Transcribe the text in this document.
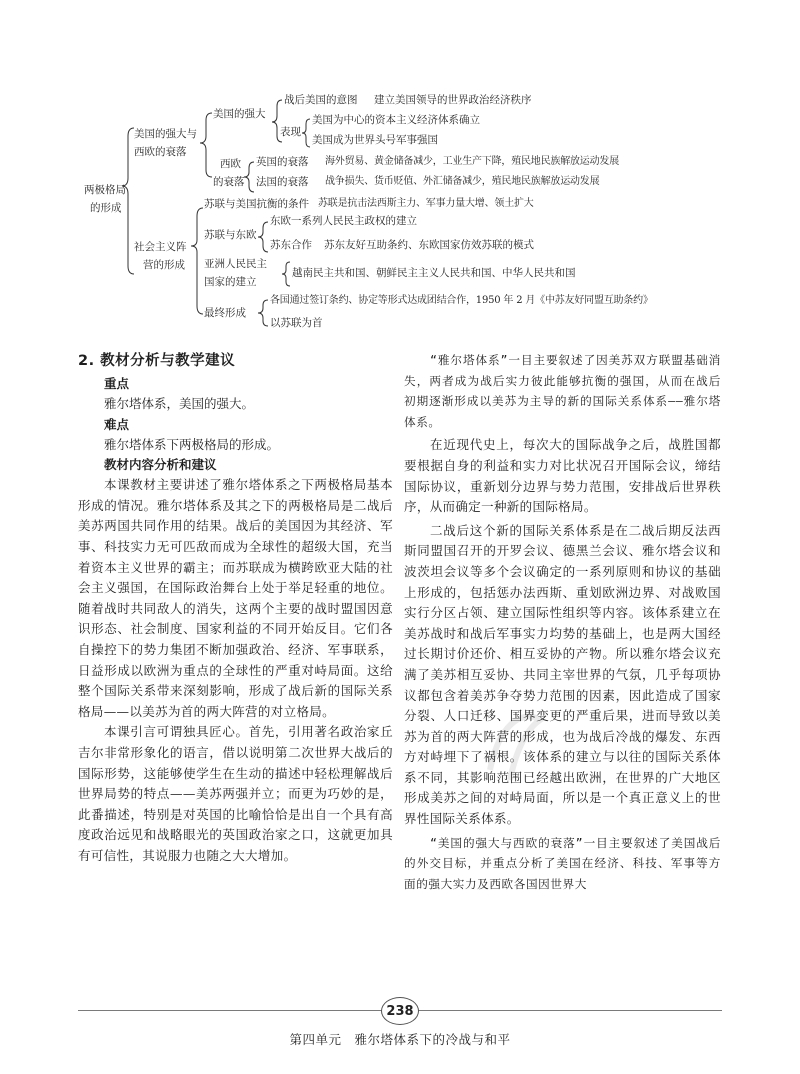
两极格局
的形成
美国的强大与
西欧的衰落
美国的强大
战后美国的意图 建立美国领导的世界政治经济秩序
表现
美国为中心的资本主义经济体系确立
美国成为世界头号军事强国
西欧
的衰落
英国的衰落 海外贸易、黄金储备减少，工业生产下降，殖民地民族解放运动发展
法国的衰落 战争损失、货币贬值、外汇储备减少，殖民地民族解放运动发展
社会主义阵
营的形成
苏联与美国抗衡的条件 苏联是抗击法西斯主力、军事力量大增、领土扩大
苏联与东欧
东欧一系列人民民主政权的建立
苏东合作 苏东友好互助条约、东欧国家仿效苏联的模式
亚洲人民民主
国家的建立
越南民主共和国、朝鲜民主主义人民共和国、中华人民共和国
最终形成
各国通过签订条约、协定等形式达成团结合作，1950 年 2 月《中苏友好同盟互助条约》
以苏联为首
2. 教材分析与教学建议

重点

雅尔塔体系，美国的强大。

难点

雅尔塔体系下两极格局的形成。

教材内容分析和建议

本课教材主要讲述了雅尔塔体系之下两极格局基本形成的情况。雅尔塔体系及其之下的两极格局是二战后美苏两国共同作用的结果。战后的美国因为其经济、军事、科技实力无可匹敌而成为全球性的超级大国，充当着资本主义世界的霸主；而苏联成为横跨欧亚大陆的社会主义强国，在国际政治舞台上处于举足轻重的地位。随着战时共同敌人的消失，这两个主要的战时盟国因意识形态、社会制度、国家利益的不同开始反目。它们各自操控下的势力集团不断加强政治、经济、军事联系，日益形成以欧洲为重点的全球性的严重对峙局面。这给整个国际关系带来深刻影响，形成了战后新的国际关系格局——以美苏为首的两大阵营的对立格局。

本课引言可谓独具匠心。首先，引用著名政治家丘吉尔非常形象化的语言，借以说明第二次世界大战后的国际形势，这能够使学生在生动的描述中轻松理解战后世界局势的特点——美苏两强并立；而更为巧妙的是，此番描述，特别是对英国的比喻恰恰是出自一个具有高度政治远见和战略眼光的英国政治家之口，这就更加具有可信性，其说服力也随之大大增加。

“雅尔塔体系”一目主要叙述了因美苏双方联盟基础消失，两者成为战后实力彼此能够抗衡的强国，从而在战后初期逐渐形成以美苏为主导的新的国际关系体系——雅尔塔体系。

在近现代史上，每次大的国际战争之后，战胜国都要根据自身的利益和实力对比状况召开国际会议，缔结国际协议，重新划分边界与势力范围，安排战后世界秩序，从而确定一种新的国际格局。

二战后这个新的国际关系体系是在二战后期反法西斯同盟国召开的开罗会议、德黑兰会议、雅尔塔会议和波茨坦会议等多个会议确定的一系列原则和协议的基础上形成的，包括惩办法西斯、重划欧洲边界、对战败国实行分区占领、建立国际性组织等内容。该体系建立在美苏战时和战后军事实力均势的基础上，也是两大国经过长期讨价还价、相互妥协的产物。所以雅尔塔会议充满了美苏相互妥协、共同主宰世界的气氛，几乎每项协议都包含着美苏争夺势力范围的因素，因此造成了国家分裂、人口迁移、国界变更的严重后果，进而导致以美苏为首的两大阵营的形成，也为战后冷战的爆发、东西方对峙埋下了祸根。该体系的建立与以往的国际关系体系不同，其影响范围已经越出欧洲，在世界的广大地区形成美苏之间的对峙局面，所以是一个真正意义上的世界性国际关系体系。

“美国的强大与西欧的衰落”一目主要叙述了美国战后的外交目标，并重点分析了美国在经济、科技、军事等方面的强大实力及西欧各国因世界大

238
第四单元　雅尔塔体系下的冷战与和平
